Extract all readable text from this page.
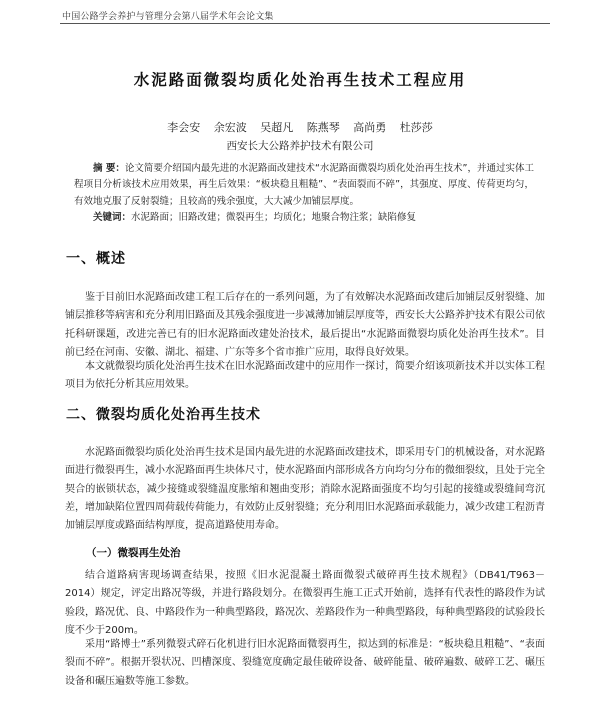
中国公路学会养护与管理分会第八届学术年会论文集
水泥路面微裂均质化处治再生技术工程应用
李会安 余宏波 吴超凡 陈燕琴 高尚勇 杜莎莎
西安长大公路养护技术有限公司
摘 要：论文简要介绍国内最先进的水泥路面改建技术“水泥路面微裂均质化处治再生技术”，并通过实体工程项目分析该技术应用效果，再生后效果：“板块稳且粗糙”、“表面裂而不碎”，其强度、厚度、传荷更均匀，有效地克服了反射裂缝；且较高的残余强度，大大减少加铺层厚度。
关键词：水泥路面；旧路改建；微裂再生；均质化；地聚合物注浆；缺陷修复
一、概述
鉴于目前旧水泥路面改建工程工后存在的一系列问题，为了有效解决水泥路面改建后加铺层反射裂缝、加铺层推移等病害和充分利用旧路面及其残余强度进一步减薄加铺层厚度等，西安长大公路养护技术有限公司依托科研课题，改进完善已有的旧水泥路面改建处治技术，最后提出“水泥路面微裂均质化处治再生技术”。目前已经在河南、安徽、湖北、福建、广东等多个省市推广应用，取得良好效果。
本文就微裂均质化处治再生技术在旧水泥路面改建中的应用作一探讨，简要介绍该项新技术并以实体工程项目为依托分析其应用效果。
二、微裂均质化处治再生技术
水泥路面微裂均质化处治再生技术是国内最先进的水泥路面改建技术，即采用专门的机械设备，对水泥路面进行微裂再生，减小水泥路面再生块体尺寸，使水泥路面内部形成各方向均匀分布的微细裂纹，且处于完全契合的嵌锁状态，减少接缝或裂缝温度胀缩和翘曲变形；消除水泥路面强度不均匀引起的接缝或裂缝间弯沉差，增加缺陷位置四周荷载传荷能力，有效防止反射裂缝；充分利用旧水泥路面承载能力，减少改建工程沥青加铺层厚度或路面结构厚度，提高道路使用寿命。
（一）微裂再生处治
结合道路病害现场调查结果，按照《旧水泥混凝土路面微裂式破碎再生技术规程》（DB41/T963－2014）规定，评定出路况等级，并进行路段划分。在微裂再生施工正式开始前，选择有代表性的路段作为试验段，路况优、良、中路段作为一种典型路段，路况次、差路段作为一种典型路段，每种典型路段的试验段长度不少于200m。
采用“路博士”系列微裂式碎石化机进行旧水泥路面微裂再生，拟达到的标准是：“板块稳且粗糙”、“表面裂而不碎”。根据开裂状况、凹槽深度、裂缝宽度确定最佳破碎设备、破碎能量、破碎遍数、破碎工艺、碾压设备和碾压遍数等施工参数。
